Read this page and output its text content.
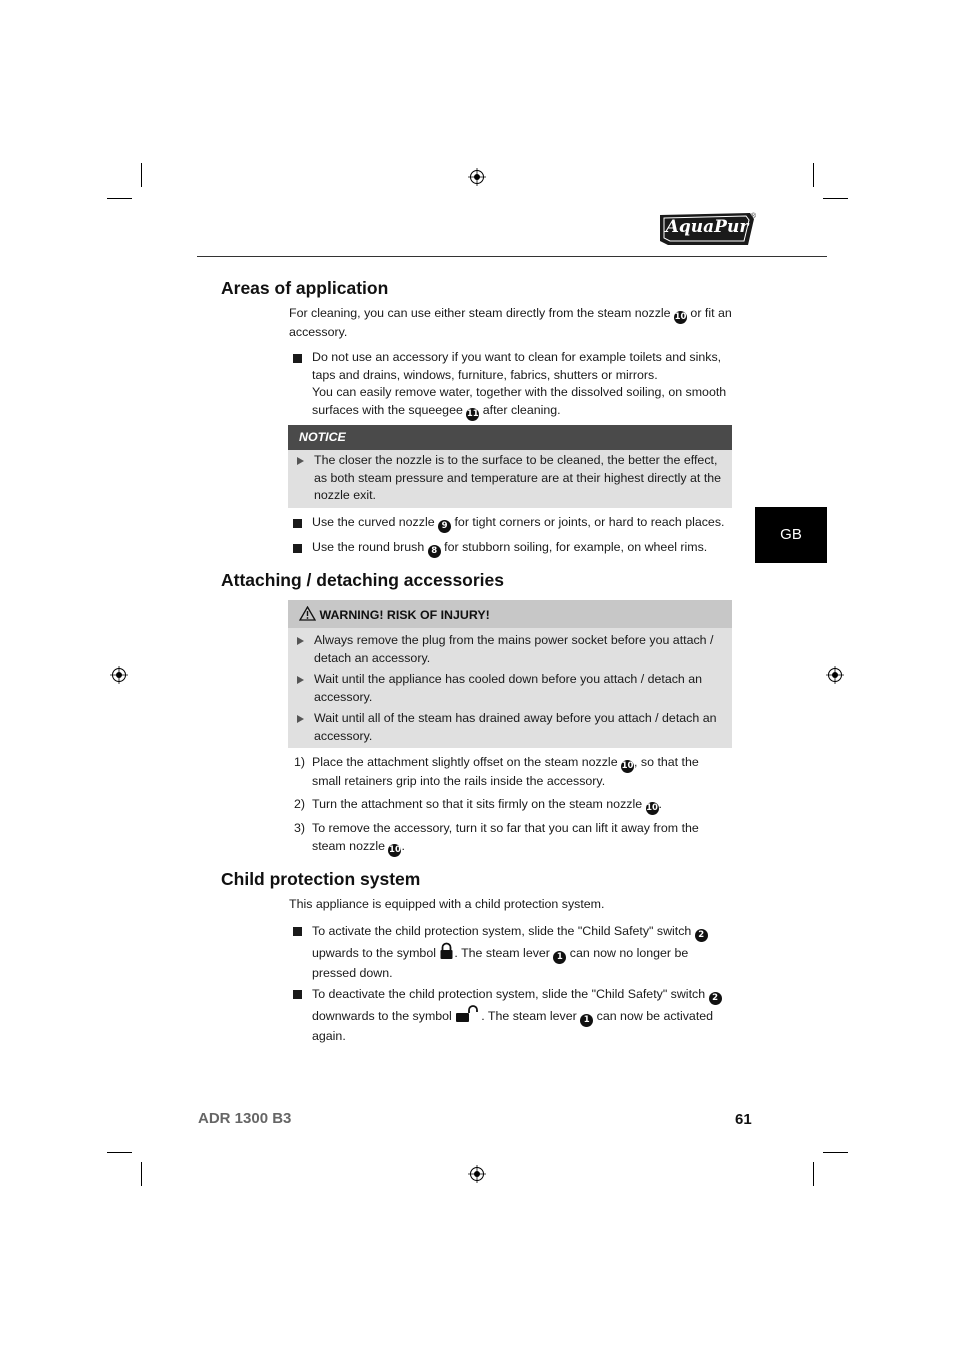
AquaPur
®
GB
Areas of application

For cleaning, you can use either steam directly from the steam nozzle 10 or fit an accessory.

Do not use an accessory if you want to clean for example toilets and sinks, taps and drains, windows, furniture, fabrics, shutters or mirrors.
You can easily remove water, together with the dissolved soiling, on smooth surfaces with the squeegee 11 after cleaning.
NOTICE
The closer the nozzle is to the surface to be cleaned, the better the effect, as both steam pressure and temperature are at their highest directly at the nozzle exit.
Use the curved nozzle 9 for tight corners or joints, or hard to reach places.
Use the round brush 8 for stubborn soiling, for example, on wheel rims.
Attaching / detaching accessories
WARNING! RISK OF INJURY!
Always remove the plug from the mains power socket before you attach / detach an accessory.
Wait until the appliance has cooled down before you attach / detach an accessory.
Wait until all of the steam has drained away before you attach / detach an accessory.
1) Place the attachment slightly offset on the steam nozzle 10, so that the small retainers grip into the rails inside the accessory.
2) Turn the attachment so that it sits firmly on the steam nozzle 10.
3) To remove the accessory, turn it so far that you can lift it away from the steam nozzle 10.
Child protection system

This appliance is equipped with a child protection system.

To activate the child protection system, slide the "Child Safety" switch 2 upwards to the symbol . The steam lever 1 can now no longer be pressed down.
To deactivate the child protection system, slide the "Child Safety" switch 2 downwards to the symbol . The steam lever 1 can now be activated again.
ADR 1300 B3	61
